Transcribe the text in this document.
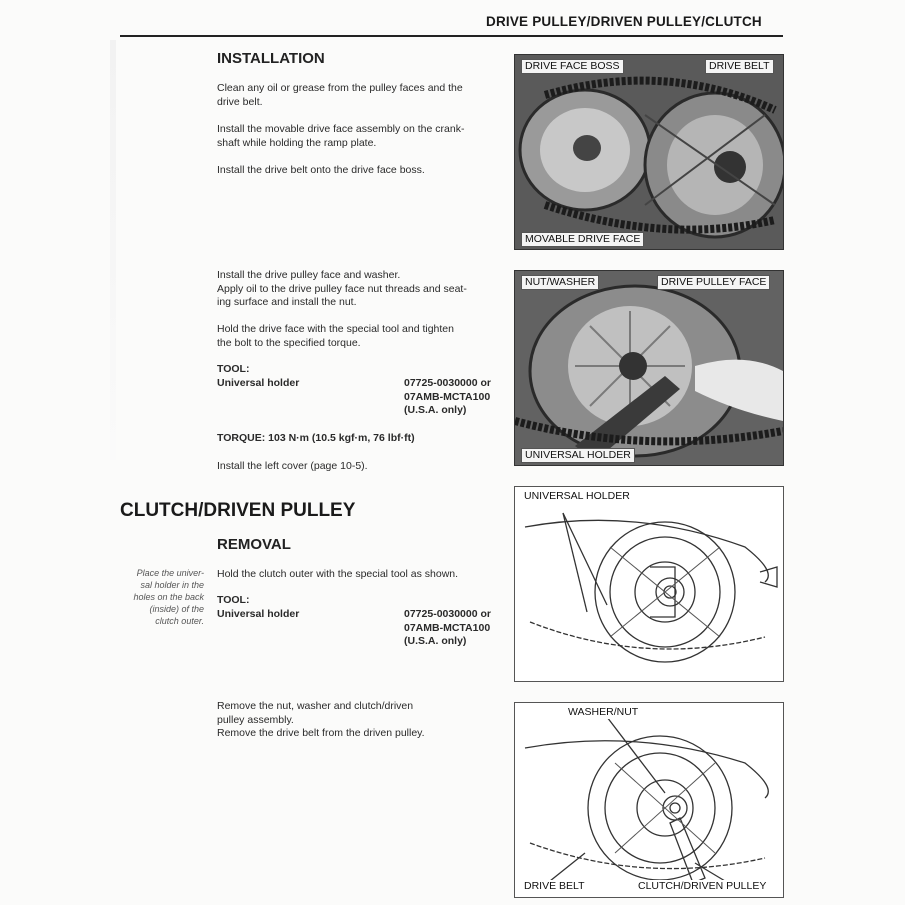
DRIVE PULLEY/DRIVEN PULLEY/CLUTCH
INSTALLATION
Clean any oil or grease from the pulley faces and the
drive belt.
Install the movable drive face assembly on the crank-
shaft while holding the ramp plate.
Install the drive belt onto the drive face boss.
Install the drive pulley face and washer.
Apply oil to the drive pulley face nut threads and seat-
ing surface and install the nut.
Hold the drive face with the special tool and tighten
the bolt to the specified torque.
TOOL:
Universal holder	07725-0030000 or
07AMB-MCTA100
(U.S.A. only)
TORQUE: 103 N·m (10.5 kgf·m, 76 lbf·ft)
Install the left cover (page 10-5).
CLUTCH/DRIVEN PULLEY
REMOVAL
Place the univer-
sal holder in the
holes on the back
(inside) of the
clutch outer.
Hold the clutch outer with the special tool as shown.
TOOL:
Universal holder	07725-0030000 or
07AMB-MCTA100
(U.S.A. only)
Remove the nut, washer and clutch/driven
pulley assembly.
Remove the drive belt from the driven pulley.
DRIVE FACE BOSS	DRIVE BELT
MOVABLE DRIVE FACE
NUT/WASHER	DRIVE PULLEY FACE
UNIVERSAL HOLDER
UNIVERSAL HOLDER
WASHER/NUT
DRIVE BELT	CLUTCH/DRIVEN PULLEY
